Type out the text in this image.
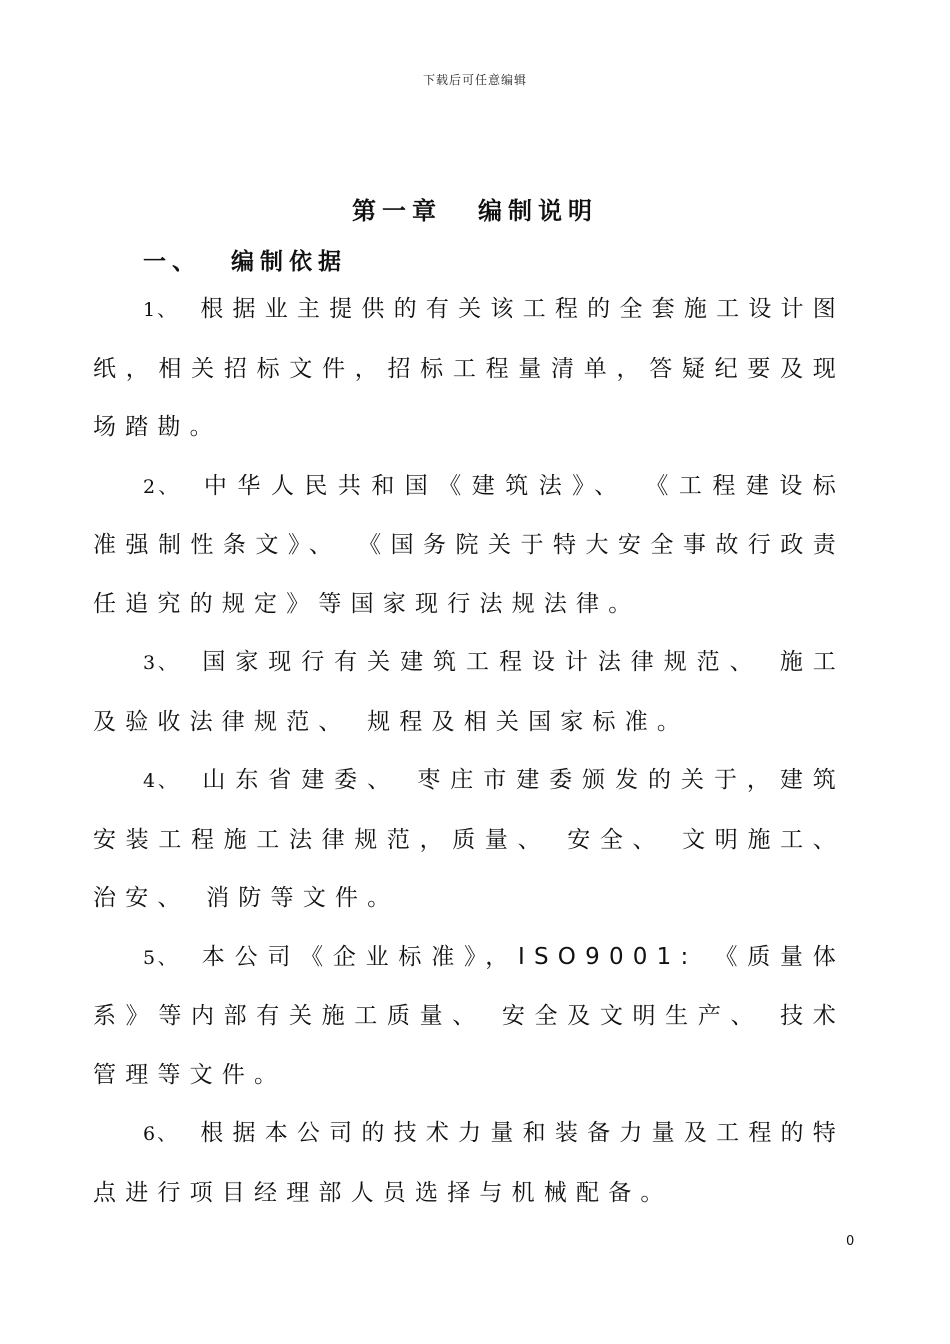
下载后可任意编辑
第一章 编制说明
一、 编制依据

1、 根据业主提供的有关该工程的全套施工设计图纸，相关招标文件，招标工程量清单，答疑纪要及现场踏勘。

2、 中华人民共和国《建筑法》、 《工程建设标准强制性条文》、 《国务院关于特大安全事故行政责任追究的规定》等国家现行法规法律。

3、 国家现行有关建筑工程设计法律规范、 施工及验收法律规范、 规程及相关国家标准。

4、 山东省建委、 枣庄市建委颁发的关于，建筑安装工程施工法律规范，质量、 安全、 文明施工、 治安、 消防等文件。

5、 本公司《企业标准》，ISO9001: 《质量体系》等内部有关施工质量、 安全及文明生产、 技术管理等文件。

6、 根据本公司的技术力量和装备力量及工程的特点进行项目经理部人员选择与机械配备。

0
